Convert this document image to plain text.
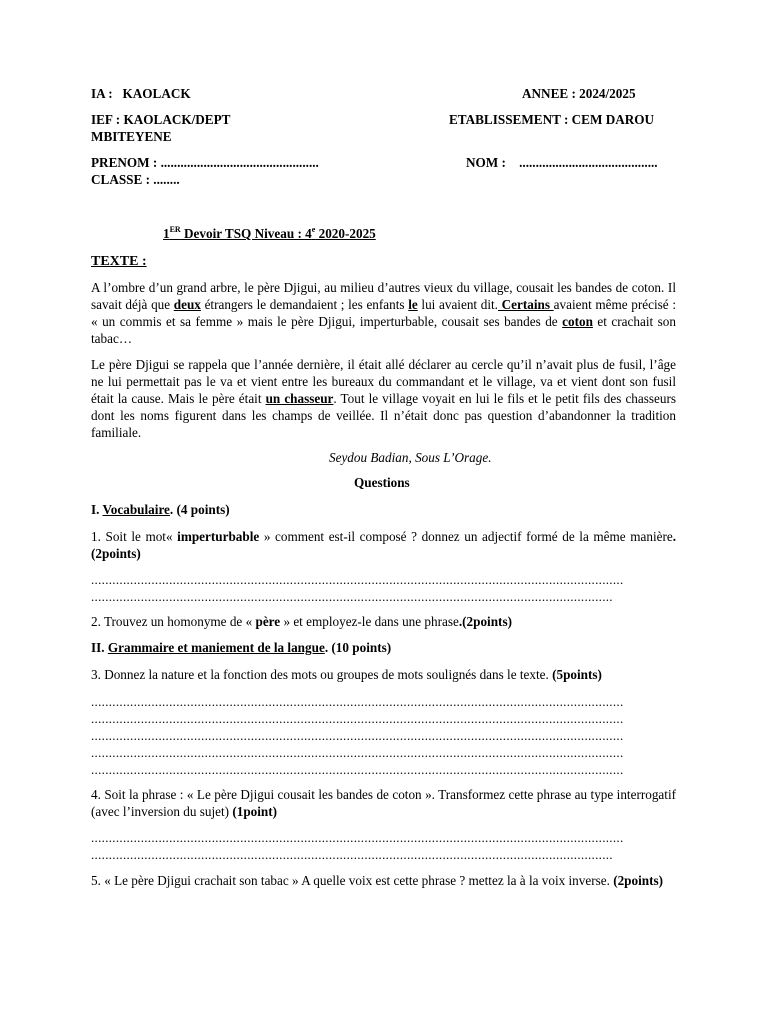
IA : KAOLACK	ANNEE : 2024/2025
IEF : KAOLACK/DEPT	ETABLISSEMENT : CEM DAROU
MBITEYENE
PRENOM : ................................................	NOM : ..........................................
CLASSE : ........
1ER Devoir TSQ Niveau : 4e 2020-2025
TEXTE :
A l’ombre d’un grand arbre, le père Djigui, au milieu d’autres vieux du village, cousait les bandes de coton. Il savait déjà que deux étrangers le demandaient ; les enfants le lui avaient dit. Certains avaient même précisé : « un commis et sa femme » mais le père Djigui, imperturbable, cousait ses bandes de coton et crachait son tabac…
Le père Djigui se rappela que l’année dernière, il était allé déclarer au cercle qu’il n’avait plus de fusil, l’âge ne lui permettait pas le va et vient entre les bureaux du commandant et le village, va et vient dont son fusil était la cause. Mais le père était un chasseur. Tout le village voyait en lui le fils et le petit fils des chasseurs dont les noms figurent dans les champs de veillée. Il n’était donc pas question d’abandonner la tradition familiale.
Seydou Badian, Sous L’Orage.
Questions
I. Vocabulaire. (4 points)
1. Soit le mot« imperturbable » comment est-il composé ? donnez un adjectif formé de la même manière.(2points)
......................................................................................................................................................
...................................................................................................................................................
2. Trouvez un homonyme de « père » et employez-le dans une phrase.(2points)
II. Grammaire et maniement de la langue. (10 points)
3. Donnez la nature et la fonction des mots ou groupes de mots soulignés dans le texte. (5points)
......................................................................................................................................................
......................................................................................................................................................
......................................................................................................................................................
......................................................................................................................................................
......................................................................................................................................................
4. Soit la phrase : « Le père Djigui cousait les bandes de coton ». Transformez cette phrase au type interrogatif (avec l’inversion du sujet) (1point)
......................................................................................................................................................
...................................................................................................................................................
5. « Le père Djigui crachait son tabac » A quelle voix est cette phrase ? mettez la à la voix inverse. (2points)
